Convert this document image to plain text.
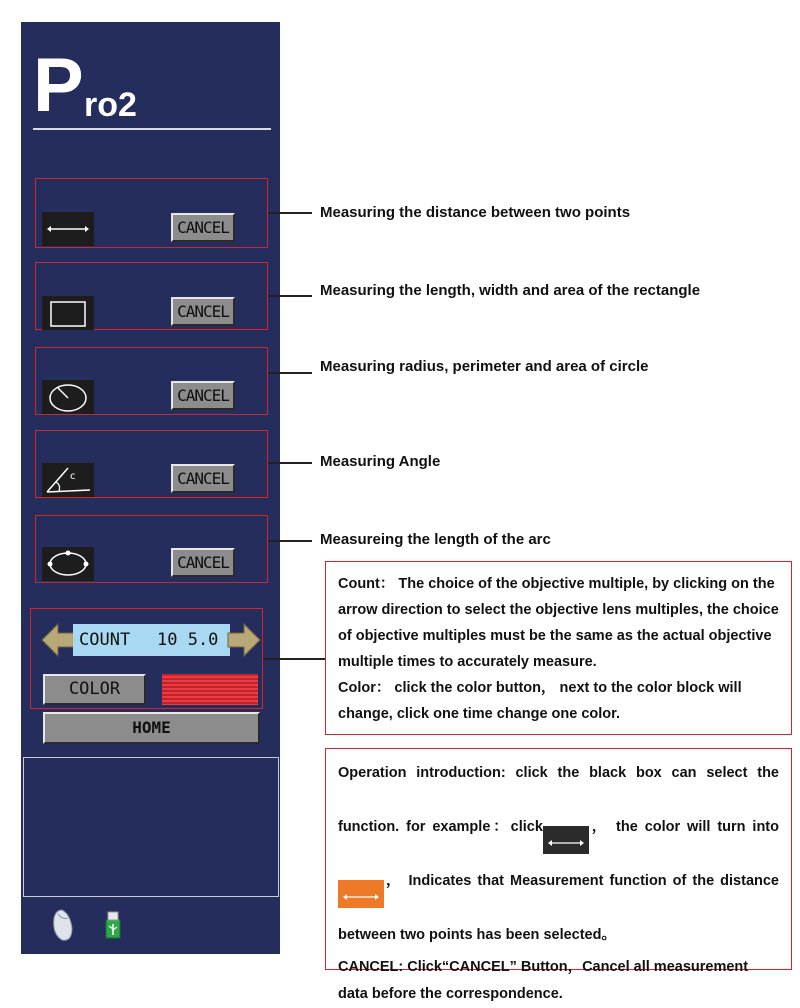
P ro2
CANCEL
CANCEL
CANCEL
c	CANCEL
CANCEL
COUNT 10 5.0
COLOR
HOME
Measuring the distance between two points
Measuring the length, width and area of the rectangle
Measuring radius, perimeter and area of circle
Measuring Angle
Measureing the length of the arc

Count： The choice of the objective multiple, by clicking on the arrow direction to select the objective lens multiples, the choice of objective multiples must be the same as the actual objective multiple times to accurately measure.

Color： click the color button， next to the color block will change, click one time change one color.

Operation introduction: click the black box can select the function. for example：click	， the color will turn into， Indicates that Measurement function of the distance between two points has been selected。

CANCEL: Click“CANCEL” Button，Cancel all measurement data before the correspondence.
